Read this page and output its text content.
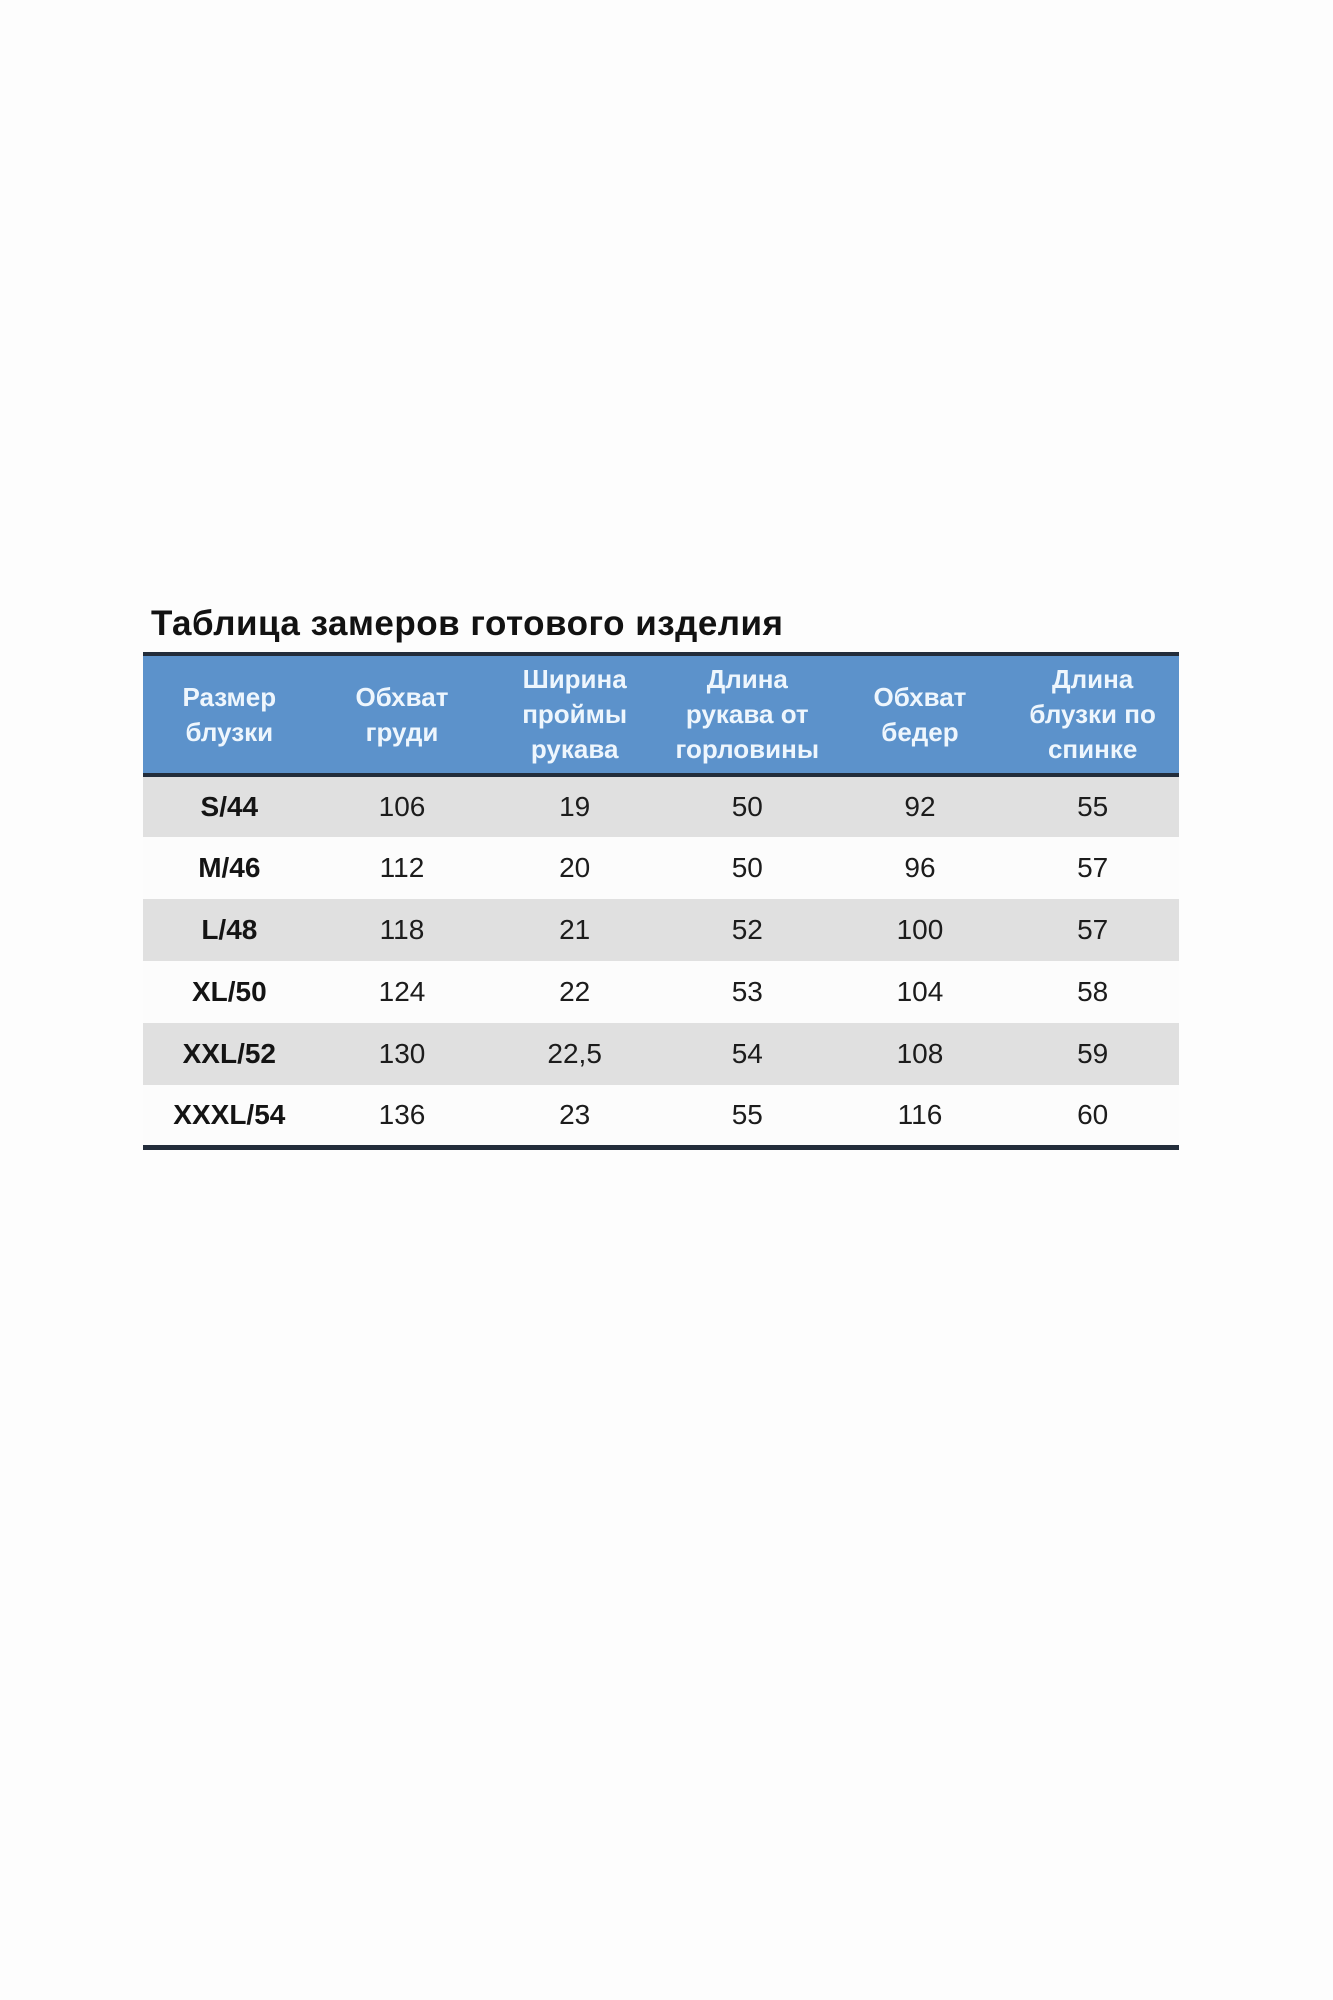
Таблица замеров готового изделия
Размер блузки	Обхват груди	Ширина проймы рукава	Длина рукава от горловины	Обхват бедер	Длина блузки по спинке
S/44	106	19	50	92	55
M/46	112	20	50	96	57
L/48	118	21	52	100	57
XL/50	124	22	53	104	58
XXL/52	130	22,5	54	108	59
XXXL/54	136	23	55	116	60
